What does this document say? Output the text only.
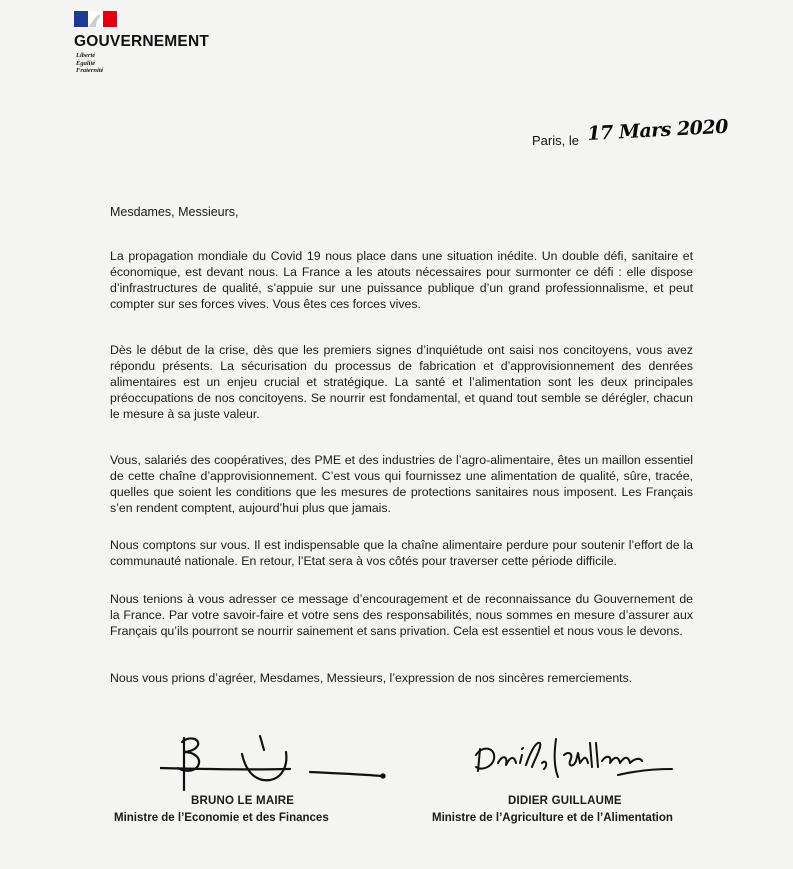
GOUVERNEMENT
Liberté
Égalité
Fraternité
Paris, le 17 Mars 2020
Mesdames, Messieurs,

La propagation mondiale du Covid 19 nous place dans une situation inédite. Un double défi, sanitaire et économique, est devant nous. La France a les atouts nécessaires pour surmonter ce défi : elle dispose d’infrastructures de qualité, s’appuie sur une puissance publique d’un grand professionnalisme, et peut compter sur ses forces vives. Vous êtes ces forces vives.

Dès le début de la crise, dès que les premiers signes d’inquiétude ont saisi nos concitoyens, vous avez répondu présents. La sécurisation du processus de fabrication et d’approvisionnement des denrées alimentaires est un enjeu crucial et stratégique. La santé et l’alimentation sont les deux principales préoccupations de nos concitoyens. Se nourrir est fondamental, et quand tout semble se dérégler, chacun le mesure à sa juste valeur.

Vous, salariés des coopératives, des PME et des industries de l’agro-alimentaire, êtes un maillon essentiel de cette chaîne d’approvisionnement. C’est vous qui fournissez une alimentation de qualité, sûre, tracée, quelles que soient les conditions que les mesures de protections sanitaires nous imposent. Les Français s’en rendent comptent, aujourd’hui plus que jamais.

Nous comptons sur vous. Il est indispensable que la chaîne alimentaire perdure pour soutenir l’effort de la communauté nationale. En retour, l’Etat sera à vos côtés pour traverser cette période difficile.

Nous tenions à vous adresser ce message d’encouragement et de reconnaissance du Gouvernement de la France. Par votre savoir-faire et votre sens des responsabilités, nous sommes en mesure d’assurer aux Français qu’ils pourront se nourrir sainement et sans privation. Cela est essentiel et nous vous le devons.

Nous vous prions d’agréer, Mesdames, Messieurs, l’expression de nos sincères remerciements.

BRUNO LE MAIRE
Ministre de l’Economie et des Finances
DIDIER GUILLAUME
Ministre de l’Agriculture et de l’Alimentation
